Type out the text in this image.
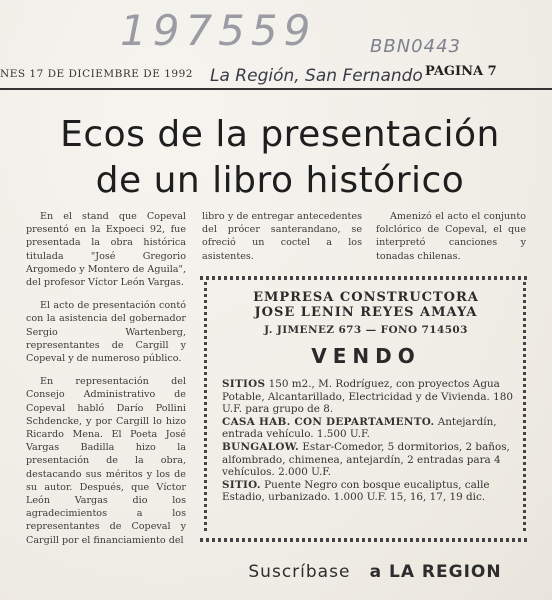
197559	BBN0443
NES 17 DE DICIEMBRE DE 1992 La Región, San Fernando PAGINA 7
Ecos de la presentación
de un libro histórico

En el stand que Copeval presentó en la Expoeci 92, fue presentada la obra histórica titulada "José Gregorio Argomedo y Montero de Aguila", del profesor Víctor León Vargas.

El acto de presentación contó con la asistencia del gobernador Sergio Wartenberg, representantes de Cargill y Copeval y de numeroso público.

En representación del Consejo Administrativo de Copeval habló Darío Pollini Schdencke, y por Cargill lo hizo Ricardo Mena. El Poeta José Vargas Badilla hizo la presentación de la obra, destacando sus méritos y los de su autor. Después, que Víctor León Vargas dio los agradecimientos a los representantes de Copeval y Cargill por el financiamiento del

libro y de entregar antecedentes del prócer santerandano, se ofreció un coctel a los asistentes.

Amenizó el acto el conjunto folclórico de Copeval, el que interpretó canciones y tonadas chilenas.

EMPRESA CONSTRUCTORA
JOSE LENIN REYES AMAYA
J. JIMENEZ 673 — FONO 714503
VENDO

SITIOS 150 m2., M. Rodríguez, con proyectos Agua Potable, Alcantarillado, Electricidad y de Vivienda. 180 U.F. para grupo de 8.

CASA HAB. CON DEPARTAMENTO. Antejardín, entrada vehículo. 1.500 U.F.

BUNGALOW. Estar-Comedor, 5 dormitorios, 2 baños, alfombrado, chimenea, antejardín, 2 entradas para 4 vehículos. 2.000 U.F.

SITIO. Puente Negro con bosque eucaliptus, calle Estadio, urbanizado. 1.000 U.F. 15, 16, 17, 19 dic.

Suscríbase a LA REGION
